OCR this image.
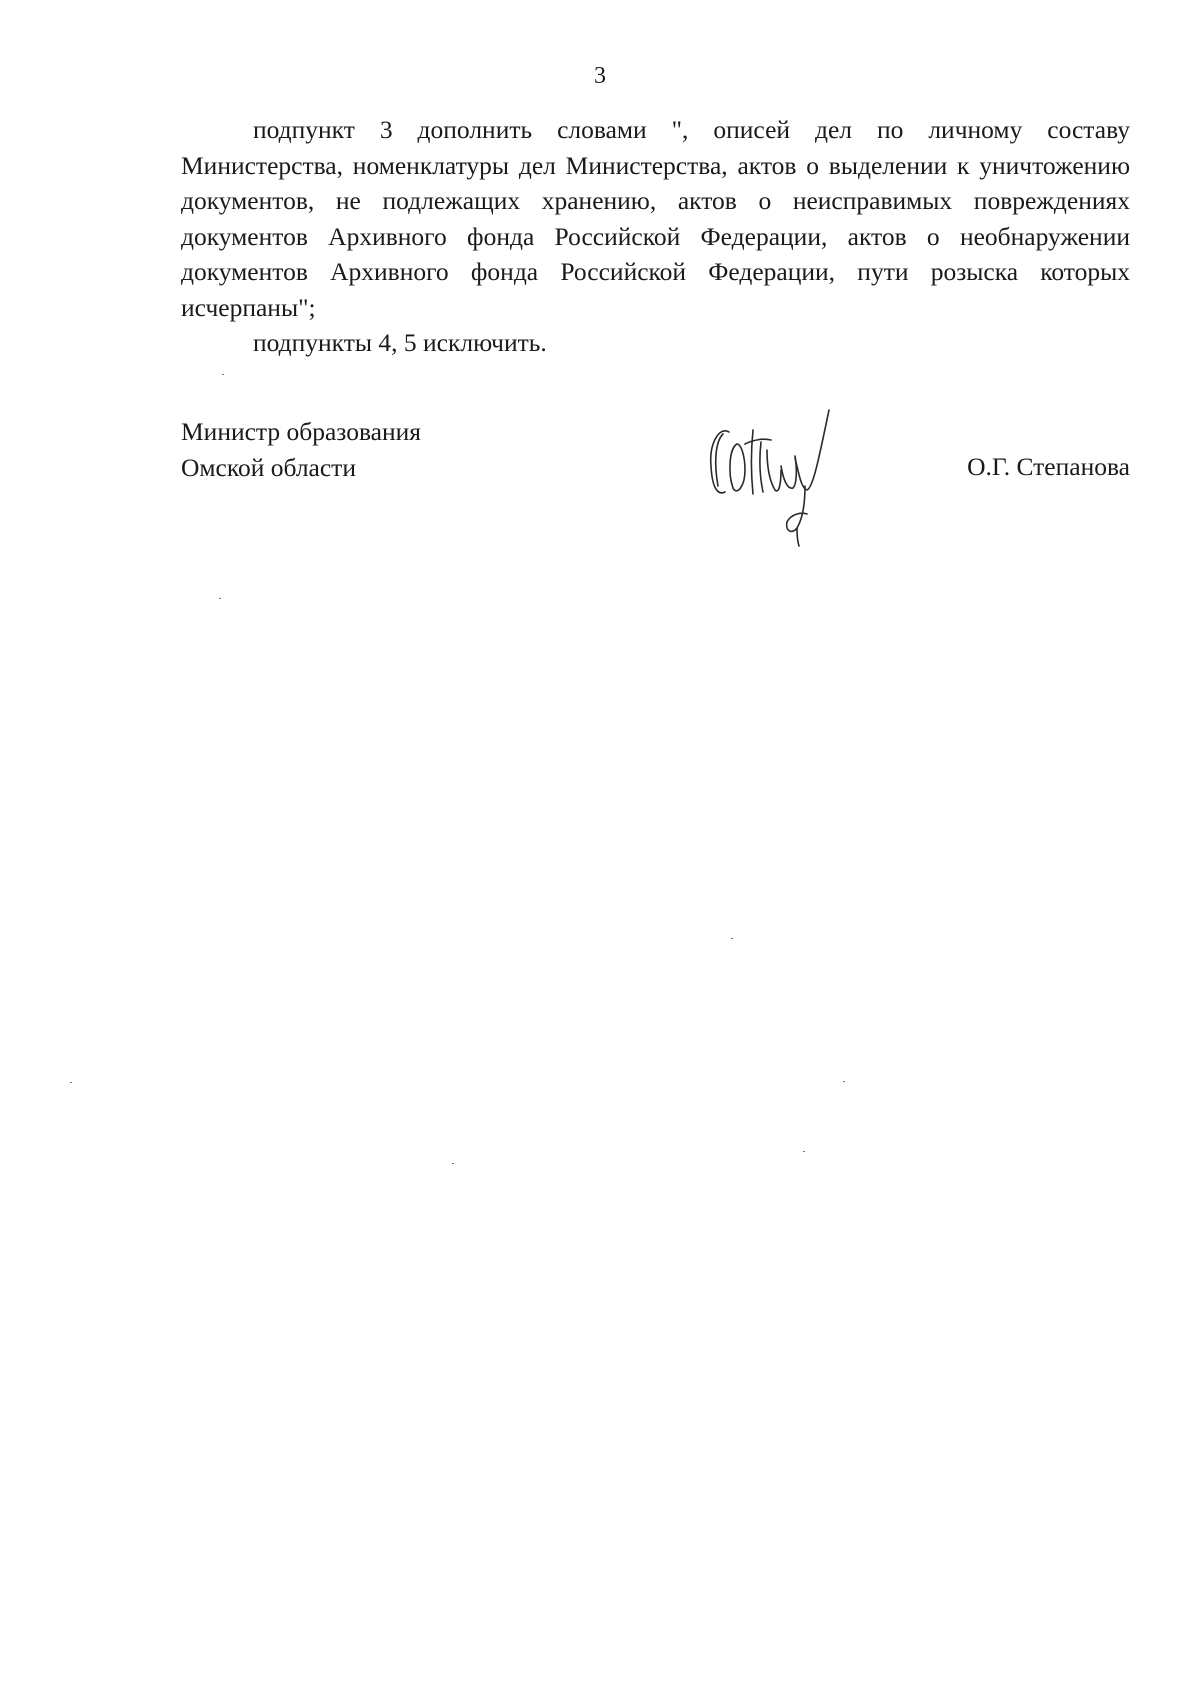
3

подпункт 3 дополнить словами ", описей дел по личному составу Министерства, номенклатуры дел Министерства, актов о выделении к уничтожению документов, не подлежащих хранению, актов о неисправимых повреждениях документов Архивного фонда Российской Федерации, актов о необнаружении документов Архивного фонда Российской Федерации, пути розыска которых исчерпаны";

подпункты 4, 5 исключить.

Министр образования
Омской области	О.Г. Степанова
